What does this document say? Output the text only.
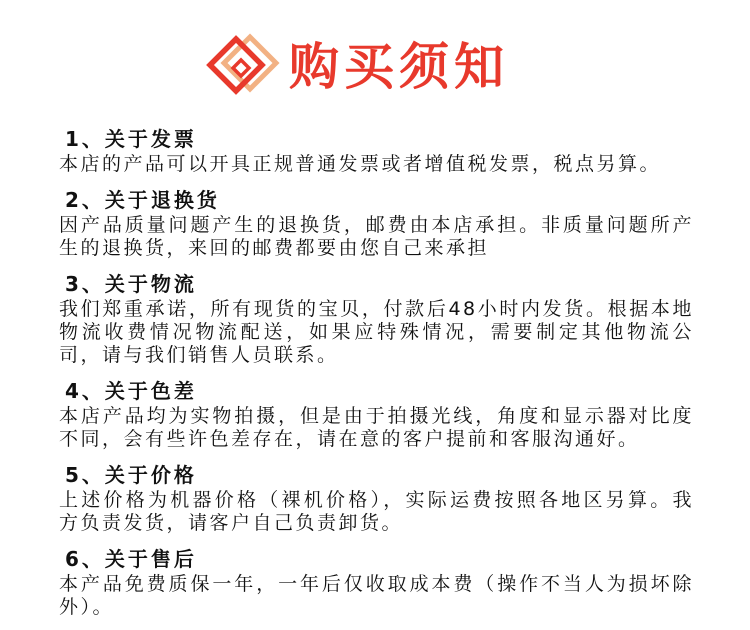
购买须知
1、关于发票

本店的产品可以开具正规普通发票或者增值税发票，税点另算。

2、关于退换货

因产品质量问题产生的退换货，邮费由本店承担。非质量问题所产生的退换货，来回的邮费都要由您自己来承担

3、关于物流

我们郑重承诺，所有现货的宝贝，付款后48小时内发货。根据本地物流收费情况物流配送，如果应特殊情况，需要制定其他物流公司，请与我们销售人员联系。

4、关于色差

本店产品均为实物拍摄，但是由于拍摄光线，角度和显示器对比度不同，会有些许色差存在，请在意的客户提前和客服沟通好。

5、关于价格

上述价格为机器价格（裸机价格），实际运费按照各地区另算。我方负责发货，请客户自己负责卸货。

6、关于售后

本产品免费质保一年，一年后仅收取成本费（操作不当人为损坏除外）。
